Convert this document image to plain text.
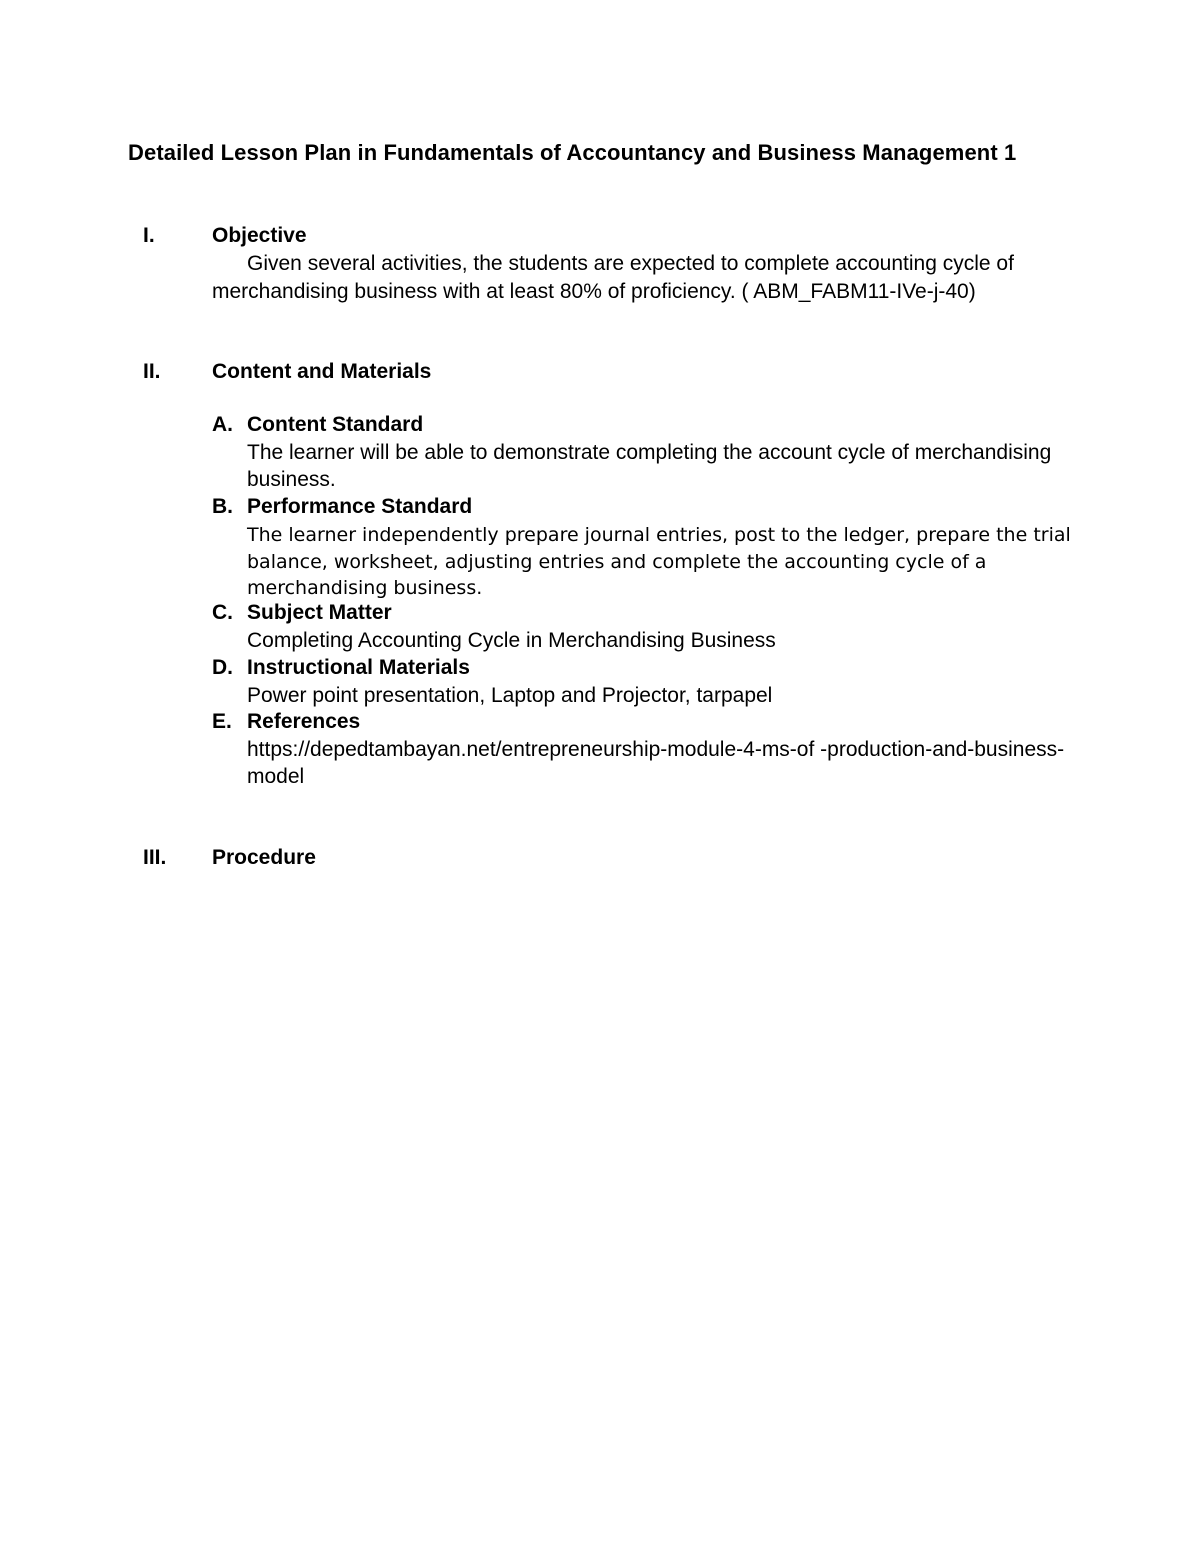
Detailed Lesson Plan in Fundamentals of Accountancy and Business Management 1
I.	Objective
Given several activities, the students are expected to complete accounting cycle of merchandising business with at least 80% of proficiency. ( ABM_FABM11-IVe-j-40)
II. Content and Materials
A. Content Standard
The learner will be able to demonstrate completing the account cycle of merchandising business.
B. Performance Standard
The learner independently prepare journal entries, post to the ledger, prepare the trial balance, worksheet, adjusting entries and complete the accounting cycle of a merchandising business.
C. Subject Matter
Completing Accounting Cycle in Merchandising Business
D. Instructional Materials
Power point presentation, Laptop and Projector, tarpapel
E. References
https://depedtambayan.net/entrepreneurship-module-4-ms-of -production-and-business-model
III. Procedure
